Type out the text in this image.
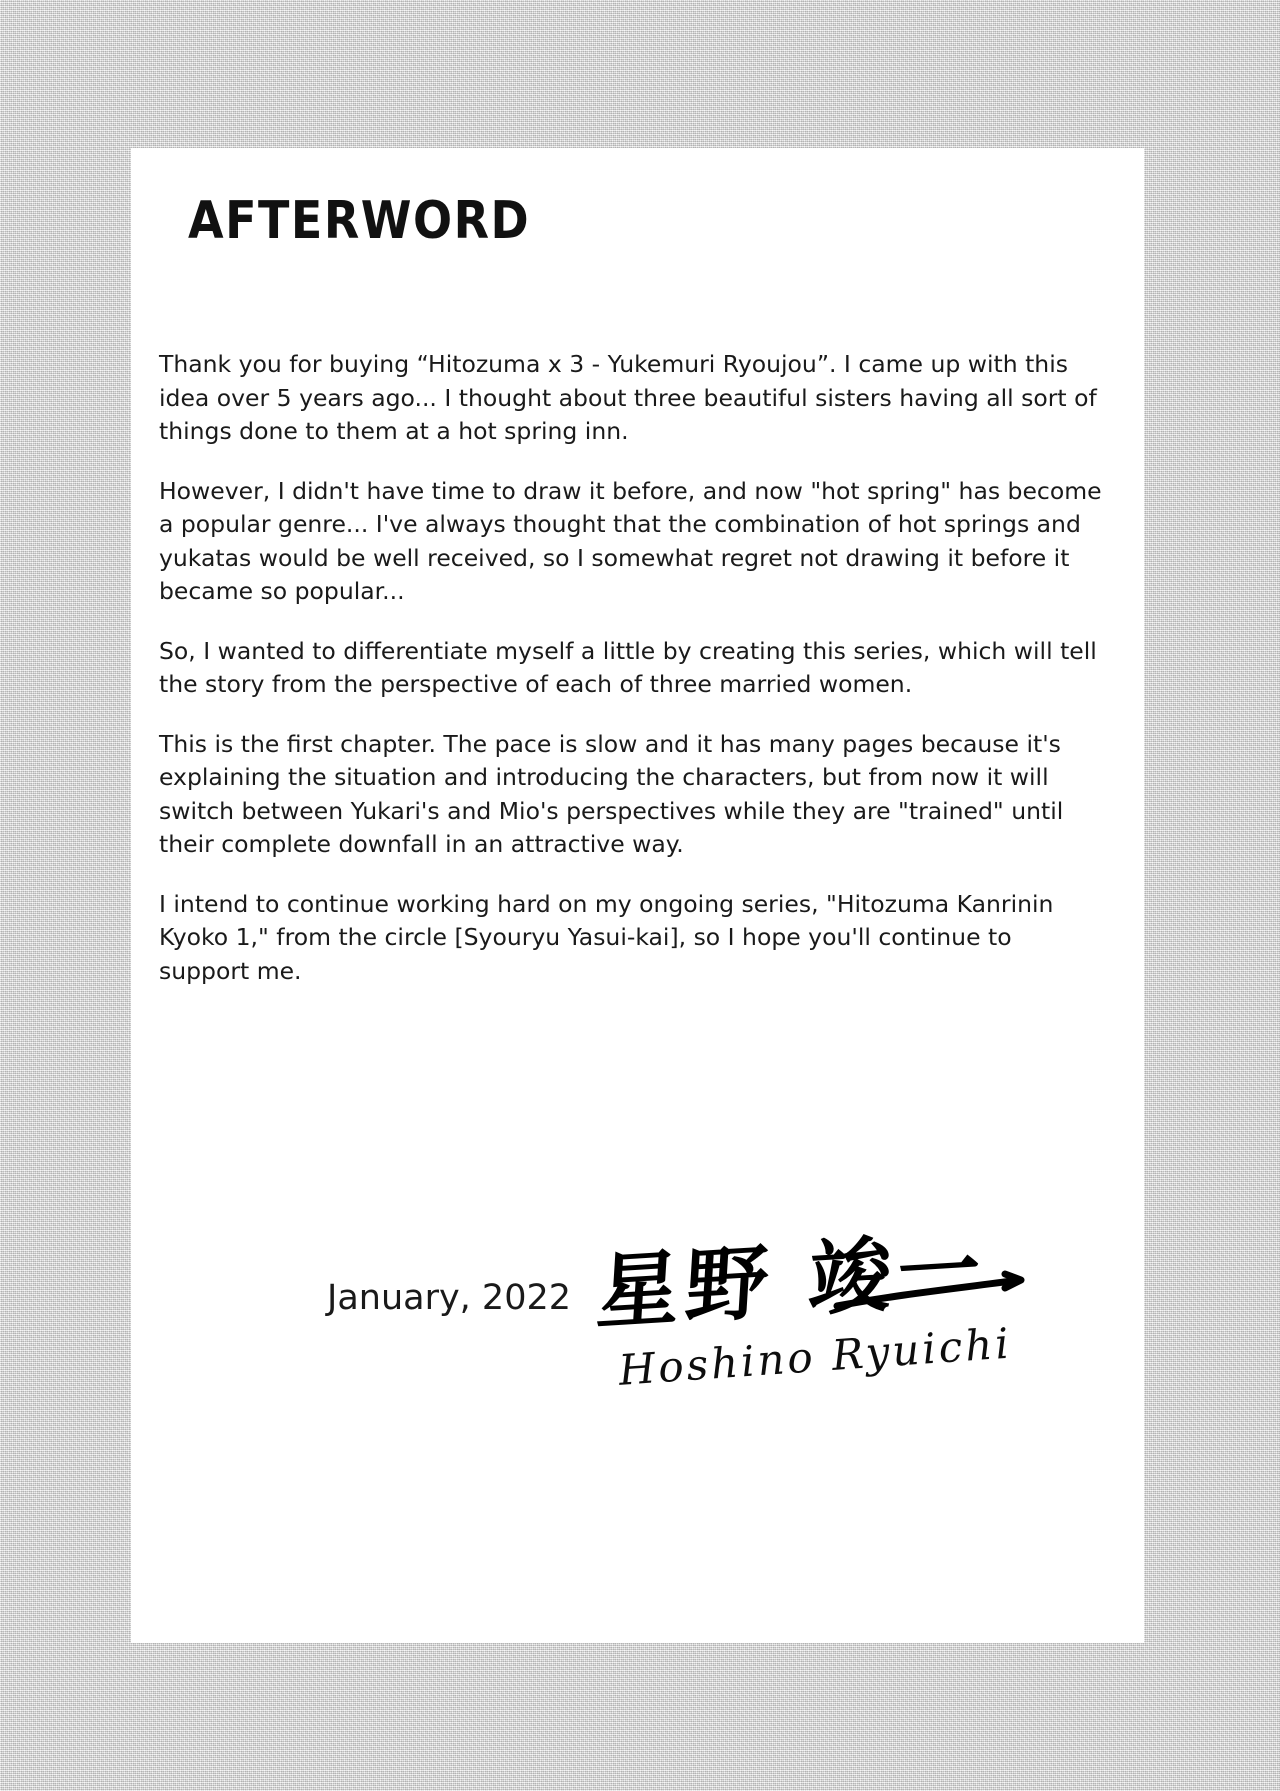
AFTERWORD

Thank you for buying “Hitozuma x 3 - Yukemuri Ryoujou”. I came up with this idea over 5 years ago... I thought about three beautiful sisters having all sort of things done to them at a hot spring inn.

However, I didn't have time to draw it before, and now "hot spring" has become a popular genre... I've always thought that the combination of hot springs and yukatas would be well received, so I somewhat regret not drawing it before it became so popular...

So, I wanted to differentiate myself a little by creating this series, which will tell the story from the perspective of each of three married women.

This is the first chapter. The pace is slow and it has many pages because it's explaining the situation and introducing the characters, but from now it will switch between Yukari's and Mio's perspectives while they are "trained" until their complete downfall in an attractive way.

I intend to continue working hard on my ongoing series, "Hitozuma Kanrinin Kyoko 1," from the circle [Syouryu Yasui-kai], so I hope you'll continue to support me.

January, 2022 星野 竣一
Hoshino Ryuichi
